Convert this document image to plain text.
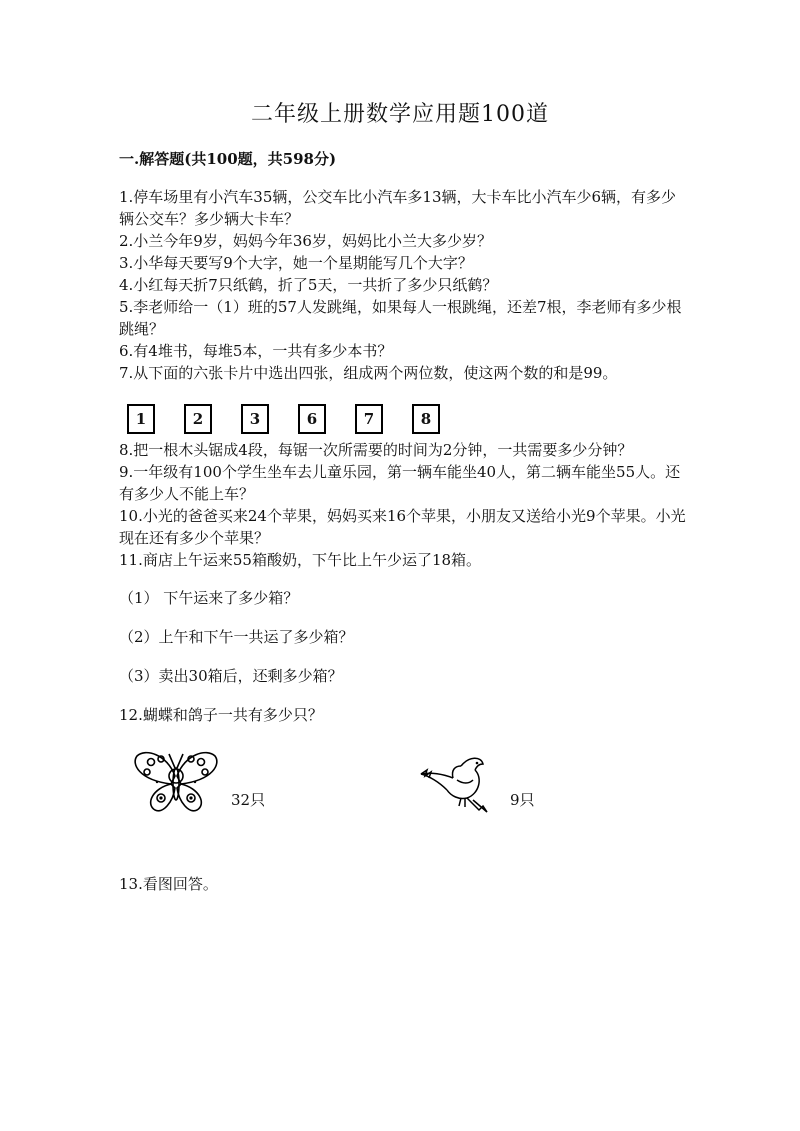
二年级上册数学应用题100道
一.解答题(共100题，共598分)

1.停车场里有小汽车35辆，公交车比小汽车多13辆，大卡车比小汽车少6辆，有多少辆公交车？多少辆大卡车？

2.小兰今年9岁，妈妈今年36岁，妈妈比小兰大多少岁？

3.小华每天要写9个大字，她一个星期能写几个大字？

4.小红每天折7只纸鹤，折了5天，一共折了多少只纸鹤？

5.李老师给一（1）班的57人发跳绳，如果每人一根跳绳，还差7根，李老师有多少根跳绳？

6.有4堆书，每堆5本，一共有多少本书？

7.从下面的六张卡片中选出四张，组成两个两位数，使这两个数的和是99。

1	2	3	6	7	8

8.把一根木头锯成4段，每锯一次所需要的时间为2分钟，一共需要多少分钟？

9.一年级有100个学生坐车去儿童乐园，第一辆车能坐40人，第二辆车能坐55人。还有多少人不能上车？

10.小光的爸爸买来24个苹果，妈妈买来16个苹果，小朋友又送给小光9个苹果。小光现在还有多少个苹果？

11.商店上午运来55箱酸奶，下午比上午少运了18箱。

（1） 下午运来了多少箱？

（2）上午和下午一共运了多少箱？

（3）卖出30箱后，还剩多少箱？

12.蝴蝶和鸽子一共有多少只？

32只	9只

13.看图回答。
